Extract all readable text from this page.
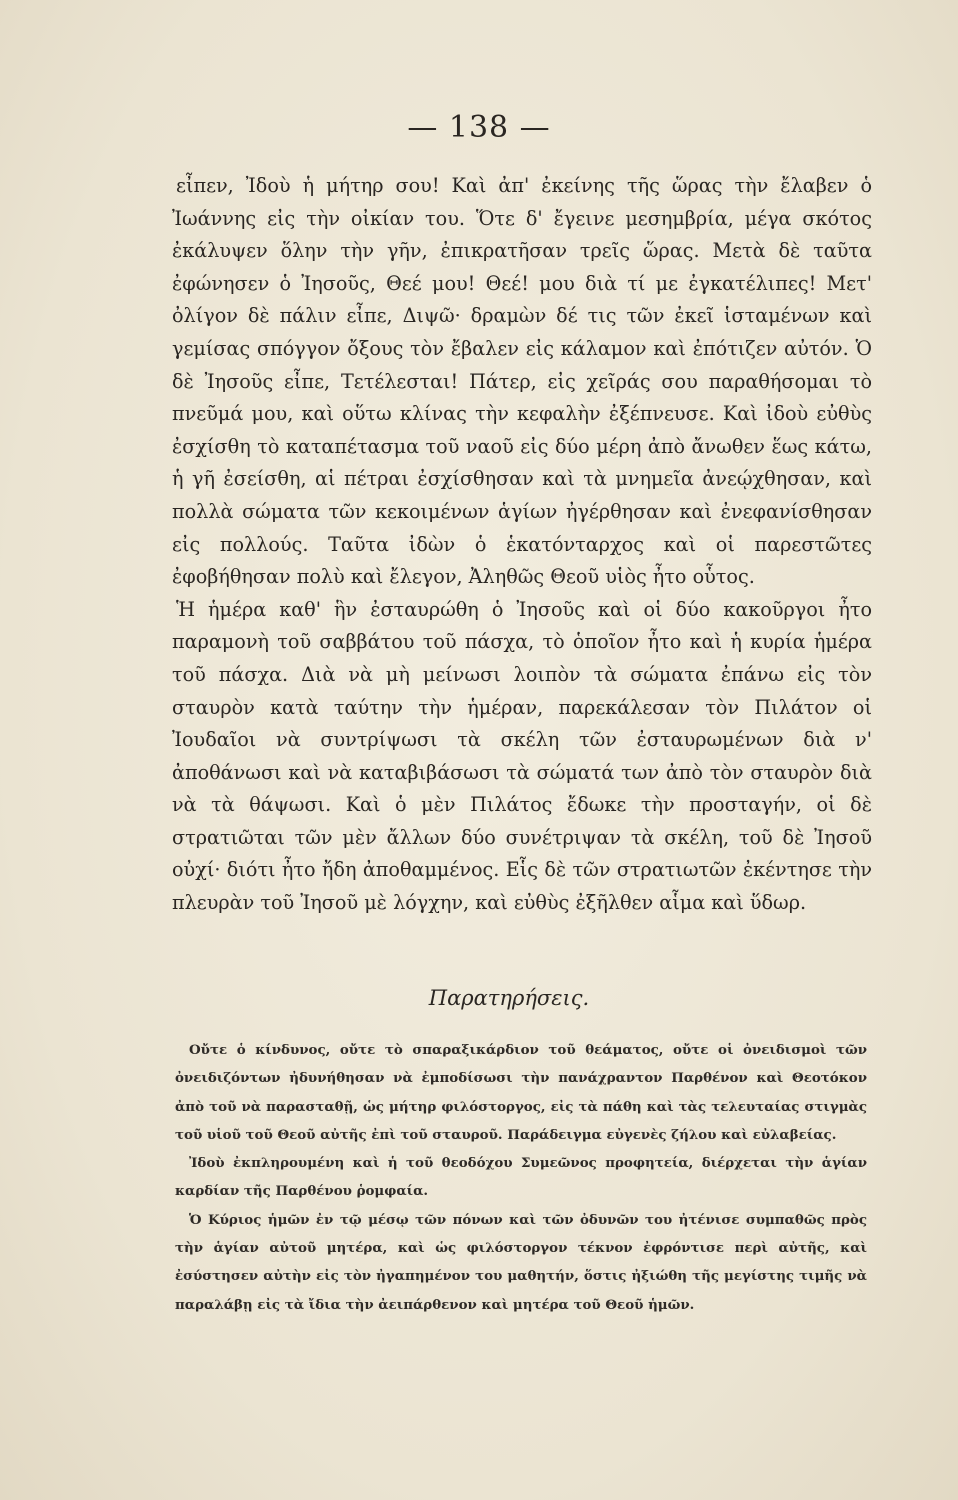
— 138 —

εἶπεν, Ἰδοὺ ἡ μήτηρ σου! Καὶ ἀπ' ἐκείνης τῆς ὥρας τὴν ἔλαβεν ὁ Ἰωάννης εἰς τὴν οἰκίαν του. Ὅτε δ' ἔγεινε μεσημβρία, μέγα σκότος ἐκάλυψεν ὅλην τὴν γῆν, ἐπικρατῆσαν τρεῖς ὥρας. Μετὰ δὲ ταῦτα ἐφώνησεν ὁ Ἰησοῦς, Θεέ μου! Θεέ! μου διὰ τί με ἐγκατέλιπες! Μετ' ὀλίγον δὲ πάλιν εἶπε, Διψῶ· δραμὼν δέ τις τῶν ἐκεῖ ἱσταμένων καὶ γεμίσας σπόγγον ὄξους τὸν ἔβαλεν εἰς κάλαμον καὶ ἐπότιζεν αὐτόν. Ὁ δὲ Ἰησοῦς εἶπε, Τετέλεσται! Πάτερ, εἰς χεῖράς σου παραθήσομαι τὸ πνεῦμά μου, καὶ οὕτω κλίνας τὴν κεφαλὴν ἐξέπνευσε. Καὶ ἰδοὺ εὐθὺς ἐσχίσθη τὸ καταπέτασμα τοῦ ναοῦ εἰς δύο μέρη ἀπὸ ἄνωθεν ἕως κάτω, ἡ γῆ ἐσείσθη, αἱ πέτραι ἐσχίσθησαν καὶ τὰ μνημεῖα ἀνεῴχθησαν, καὶ πολλὰ σώματα τῶν κεκοιμένων ἁγίων ἠγέρθησαν καὶ ἐνεφανίσθησαν εἰς πολλούς. Ταῦτα ἰδὼν ὁ ἑκατόνταρχος καὶ οἱ παρεστῶτες ἐφοβήθησαν πολὺ καὶ ἔλεγον, Ἀληθῶς Θεοῦ υἱὸς ἦτο οὗτος.

Ἡ ἡμέρα καθ' ἣν ἐσταυρώθη ὁ Ἰησοῦς καὶ οἱ δύο κακοῦργοι ἦτο παραμονὴ τοῦ σαββάτου τοῦ πάσχα, τὸ ὁποῖον ἦτο καὶ ἡ κυρία ἡμέρα τοῦ πάσχα. Διὰ νὰ μὴ μείνωσι λοιπὸν τὰ σώματα ἐπάνω εἰς τὸν σταυρὸν κατὰ ταύτην τὴν ἡμέραν, παρεκάλεσαν τὸν Πιλάτον οἱ Ἰουδαῖοι νὰ συντρίψωσι τὰ σκέλη τῶν ἐσταυρωμένων διὰ ν' ἀποθάνωσι καὶ νὰ καταβιβάσωσι τὰ σώματά των ἀπὸ τὸν σταυρὸν διὰ νὰ τὰ θάψωσι. Καὶ ὁ μὲν Πιλάτος ἔδωκε τὴν προσταγήν, οἱ δὲ στρατιῶται τῶν μὲν ἄλλων δύο συνέτριψαν τὰ σκέλη, τοῦ δὲ Ἰησοῦ οὐχί· διότι ἦτο ἤδη ἀποθαμμένος. Εἷς δὲ τῶν στρατιωτῶν ἐκέντησε τὴν πλευρὰν τοῦ Ἰησοῦ μὲ λόγχην, καὶ εὐθὺς ἐξῆλθεν αἷμα καὶ ὕδωρ.

Παρατηρήσεις.

Οὔτε ὁ κίνδυνος, οὔτε τὸ σπαραξικάρδιον τοῦ θεάματος, οὔτε οἱ ὀνειδισμοὶ τῶν ὀνειδιζόντων ἠδυνήθησαν νὰ ἐμποδίσωσι τὴν πανάχραντον Παρθένον καὶ Θεοτόκον ἀπὸ τοῦ νὰ παρασταθῇ, ὡς μήτηρ φιλόστοργος, εἰς τὰ πάθη καὶ τὰς τελευταίας στιγμὰς τοῦ υἱοῦ τοῦ Θεοῦ αὐτῆς ἐπὶ τοῦ σταυροῦ. Παράδειγμα εὐγενὲς ζήλου καὶ εὐλαβείας.

Ἰδοὺ ἐκπληρουμένη καὶ ἡ τοῦ θεοδόχου Συμεῶνος προφητεία, διέρχεται τὴν ἁγίαν καρδίαν τῆς Παρθένου ῥομφαία.

Ὁ Κύριος ἡμῶν ἐν τῷ μέσῳ τῶν πόνων καὶ τῶν ὀδυνῶν του ἠτένισε συμπαθῶς πρὸς τὴν ἁγίαν αὐτοῦ μητέρα, καὶ ὡς φιλόστοργον τέκνον ἐφρόντισε περὶ αὐτῆς, καὶ ἐσύστησεν αὐτὴν εἰς τὸν ἠγαπημένον του μαθητήν, ὅστις ἠξιώθη τῆς μεγίστης τιμῆς νὰ παραλάβῃ εἰς τὰ ἴδια τὴν ἀειπάρθενον καὶ μητέρα τοῦ Θεοῦ ἡμῶν.
